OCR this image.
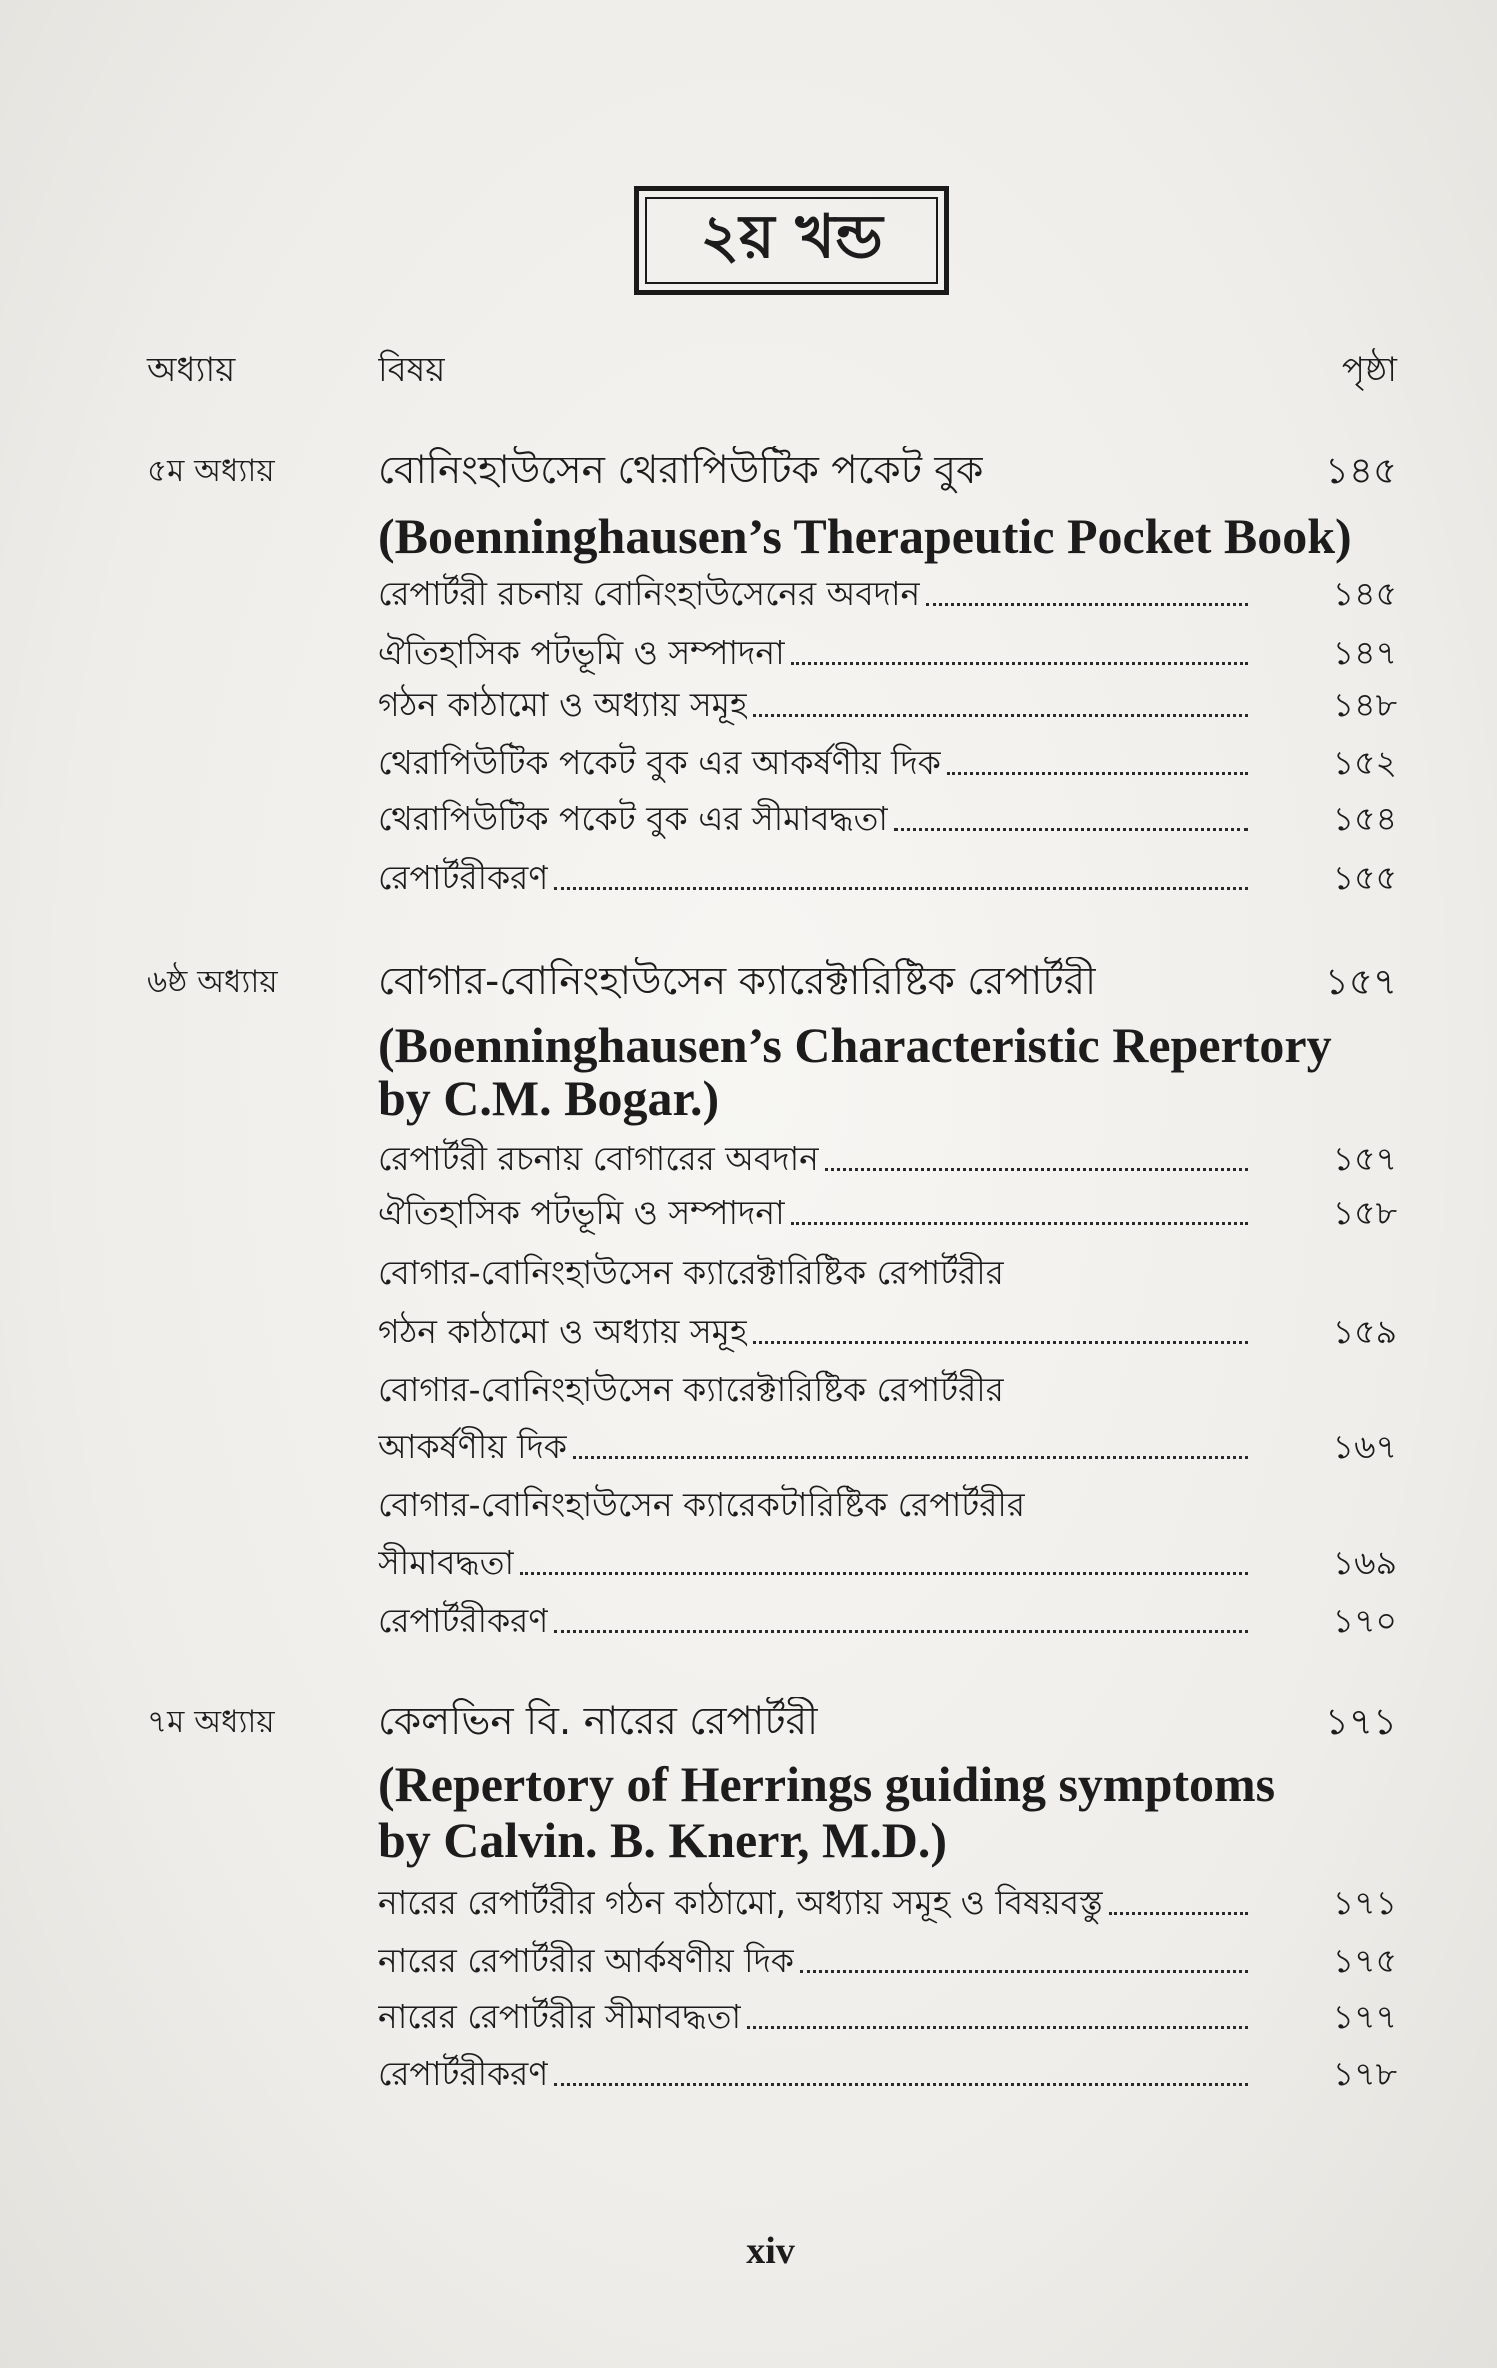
২য় খন্ড
অধ্যায়	বিষয়	পৃষ্ঠা
৫ম অধ্যায়	বোনিংহাউসেন থেরাপিউটিক পকেট বুক	১৪৫
(Boenninghausen’s Therapeutic Pocket Book)
রেপার্টরী রচনায় বোনিংহাউসেনের অবদান	১৪৫
ঐতিহাসিক পটভূমি ও সম্পাদনা	১৪৭
গঠন কাঠামো ও অধ্যায় সমূহ	১৪৮
থেরাপিউটিক পকেট বুক এর আকর্ষণীয় দিক	১৫২
থেরাপিউটিক পকেট বুক এর সীমাবদ্ধতা	১৫৪
রেপার্টরীকরণ	১৫৫
৬ষ্ঠ অধ্যায়	বোগার-বোনিংহাউসেন ক্যারেক্টারিষ্টিক রেপার্টরী	১৫৭
(Boenninghausen’s Characteristic Repertory
by C.M. Bogar.)
রেপার্টরী রচনায় বোগারের অবদান	১৫৭
ঐতিহাসিক পটভূমি ও সম্পাদনা	১৫৮
বোগার-বোনিংহাউসেন ক্যারেক্টারিষ্টিক রেপার্টরীর
গঠন কাঠামো ও অধ্যায় সমূহ	১৫৯
বোগার-বোনিংহাউসেন ক্যারেক্টারিষ্টিক রেপার্টরীর
আকর্ষণীয় দিক	১৬৭
বোগার-বোনিংহাউসেন ক্যারেকটারিষ্টিক রেপার্টরীর
সীমাবদ্ধতা	১৬৯
রেপার্টরীকরণ	১৭০
৭ম অধ্যায়	কেলভিন বি. নারের রেপার্টরী	১৭১
(Repertory of Herrings guiding symptoms
by Calvin. B. Knerr, M.D.)
নারের রেপার্টরীর গঠন কাঠামো, অধ্যায় সমূহ ও বিষয়বস্তু	১৭১
নারের রেপার্টরীর আর্কষণীয় দিক	১৭৫
নারের রেপার্টরীর সীমাবদ্ধতা	১৭৭
রেপার্টরীকরণ	১৭৮
xiv
